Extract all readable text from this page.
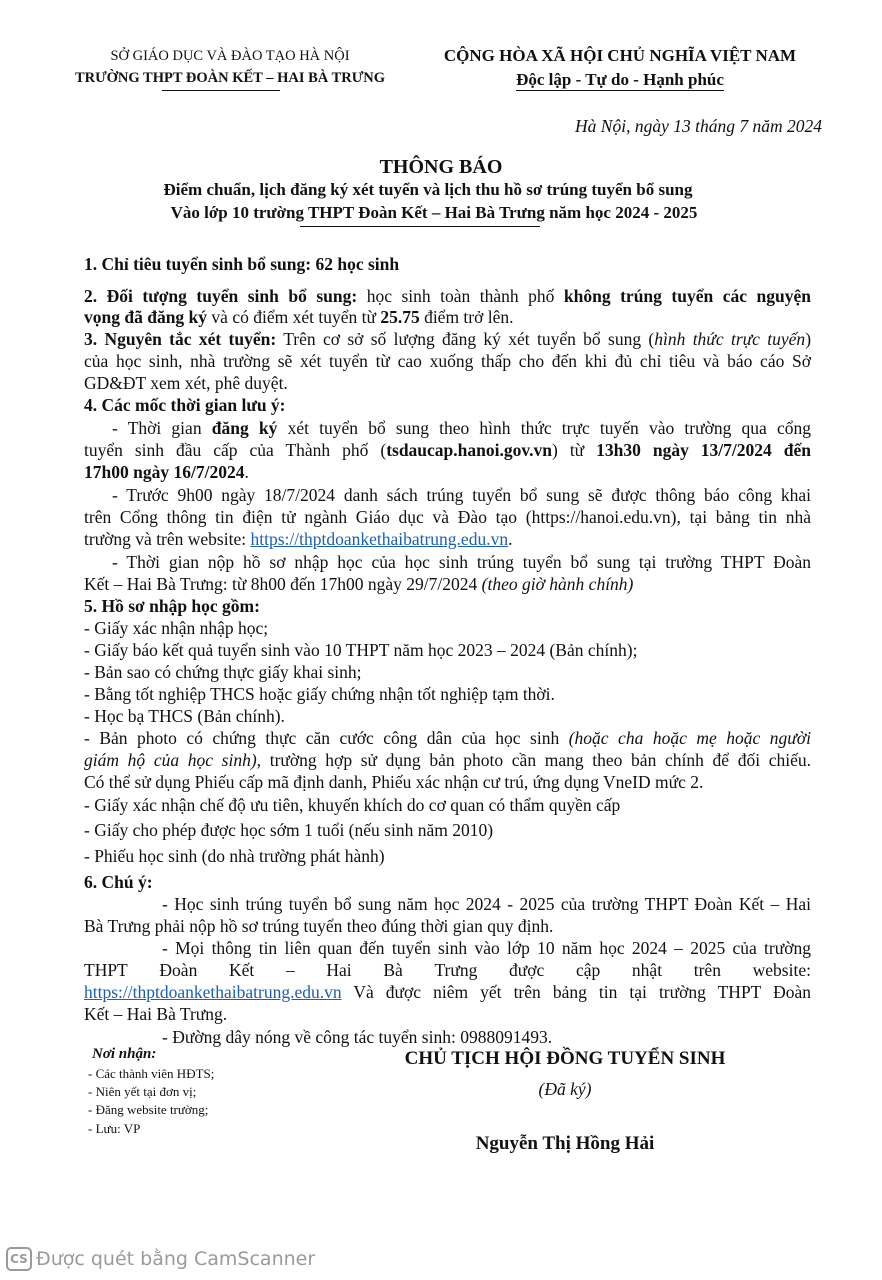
SỞ GIÁO DỤC VÀ ĐÀO TẠO HÀ NỘI
TRƯỜNG THPT ĐOÀN KẾT – HAI BÀ TRƯNG
CỘNG HÒA XÃ HỘI CHỦ NGHĨA VIỆT NAM
Độc lập - Tự do - Hạnh phúc
Hà Nội, ngày 13 tháng 7 năm 2024
THÔNG BÁO
Điểm chuẩn, lịch đăng ký xét tuyển và lịch thu hồ sơ trúng tuyển bổ sung
Vào lớp 10 trường THPT Đoàn Kết – Hai Bà Trưng năm học 2024 - 2025
1. Chỉ tiêu tuyển sinh bổ sung: 62 học sinh
2. Đối tượng tuyển sinh bổ sung: học sinh toàn thành phố không trúng tuyển các nguyện
vọng đã đăng ký và có điểm xét tuyển từ 25.75 điểm trở lên.
3. Nguyên tắc xét tuyển: Trên cơ sở số lượng đăng ký xét tuyển bổ sung (hình thức trực tuyến)
của học sinh, nhà trường sẽ xét tuyển từ cao xuống thấp cho đến khi đủ chỉ tiêu và báo cáo Sở
GD&ĐT xem xét, phê duyệt.
4. Các mốc thời gian lưu ý:
- Thời gian đăng ký xét tuyển bổ sung theo hình thức trực tuyến vào trường qua cổng
tuyển sinh đầu cấp của Thành phố (tsdaucap.hanoi.gov.vn) từ 13h30 ngày 13/7/2024 đến
17h00 ngày 16/7/2024.
- Trước 9h00 ngày 18/7/2024 danh sách trúng tuyển bổ sung sẽ được thông báo công khai
trên Cổng thông tin điện tử ngành Giáo dục và Đào tạo (https://hanoi.edu.vn), tại bảng tin nhà
trường và trên website: https://thptdoankethaibatrung.edu.vn.
- Thời gian nộp hồ sơ nhập học của học sinh trúng tuyển bổ sung tại trường THPT Đoàn
Kết – Hai Bà Trưng: từ 8h00 đến 17h00 ngày 29/7/2024 (theo giờ hành chính)
5. Hồ sơ nhập học gồm:
- Giấy xác nhận nhập học;
- Giấy báo kết quả tuyển sinh vào 10 THPT năm học 2023 – 2024 (Bản chính);
- Bản sao có chứng thực giấy khai sinh;
- Bằng tốt nghiệp THCS hoặc giấy chứng nhận tốt nghiệp tạm thời.
- Học bạ THCS (Bản chính).
- Bản photo có chứng thực căn cước công dân của học sinh (hoặc cha hoặc mẹ hoặc người
giám hộ của học sinh), trường hợp sử dụng bản photo cần mang theo bản chính để đối chiếu.
Có thể sử dụng Phiếu cấp mã định danh, Phiếu xác nhận cư trú, ứng dụng VneID mức 2.
- Giấy xác nhận chế độ ưu tiên, khuyến khích do cơ quan có thẩm quyền cấp
- Giấy cho phép được học sớm 1 tuổi (nếu sinh năm 2010)
- Phiếu học sinh (do nhà trường phát hành)
6. Chú ý:
- Học sinh trúng tuyển bổ sung năm học 2024 - 2025 của trường THPT Đoàn Kết – Hai
Bà Trưng phải nộp hồ sơ trúng tuyển theo đúng thời gian quy định.
- Mọi thông tin liên quan đến tuyển sinh vào lớp 10 năm học 2024 – 2025 của trường
THPT Đoàn Kết – Hai Bà Trưng được cập nhật trên website:
https://thptdoankethaibatrung.edu.vn Và được niêm yết trên bảng tin tại trường THPT Đoàn
Kết – Hai Bà Trưng.
- Đường dây nóng về công tác tuyển sinh: 0988091493.
Nơi nhận:
- Các thành viên HĐTS;
- Niên yết tại đơn vị;
- Đăng website trường;
- Lưu: VP
CHỦ TỊCH HỘI ĐỒNG TUYỂN SINH
(Đã ký)
Nguyễn Thị Hồng Hải
CS Được quét bằng CamScanner
